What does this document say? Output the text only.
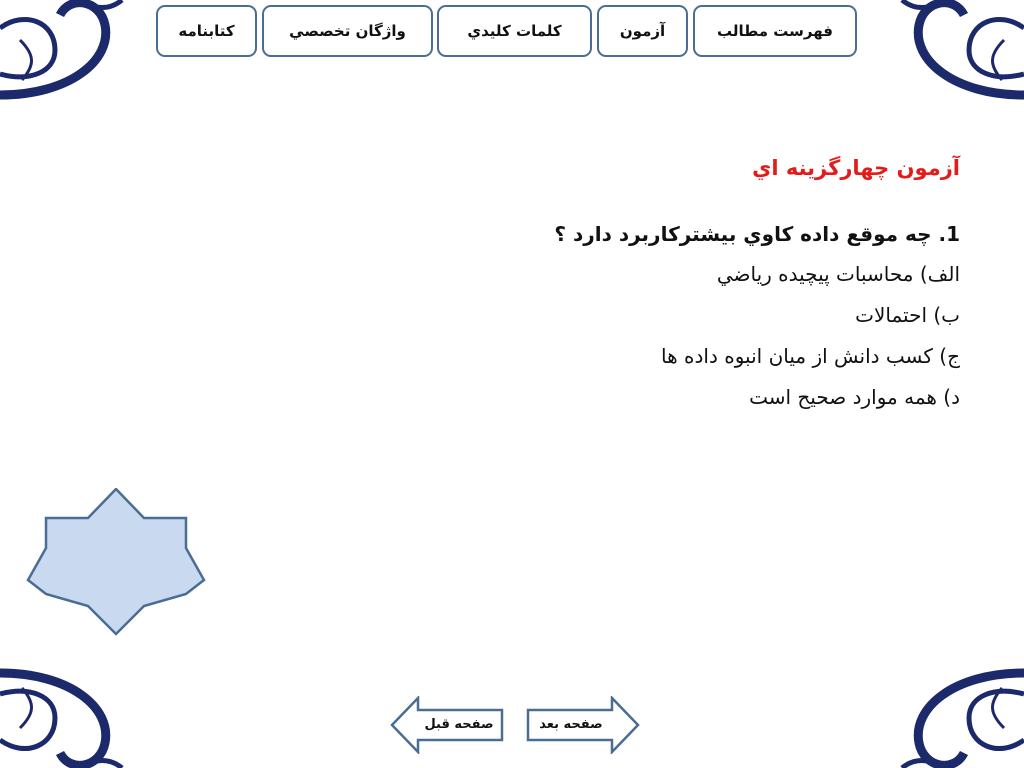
كتابنامه	واژگان تخصصي	كلمات كليدي	آزمون	فهرست مطالب
آزمون چهارگزينه اي
1. چه موقع داده كاوي بيشتركاربرد دارد ؟
الف) محاسبات پيچيده رياضي
ب) احتمالات
ج) كسب دانش از ميان انبوه داده ها
د) همه موارد صحيح است
صفحه قبل	صفحه بعد
